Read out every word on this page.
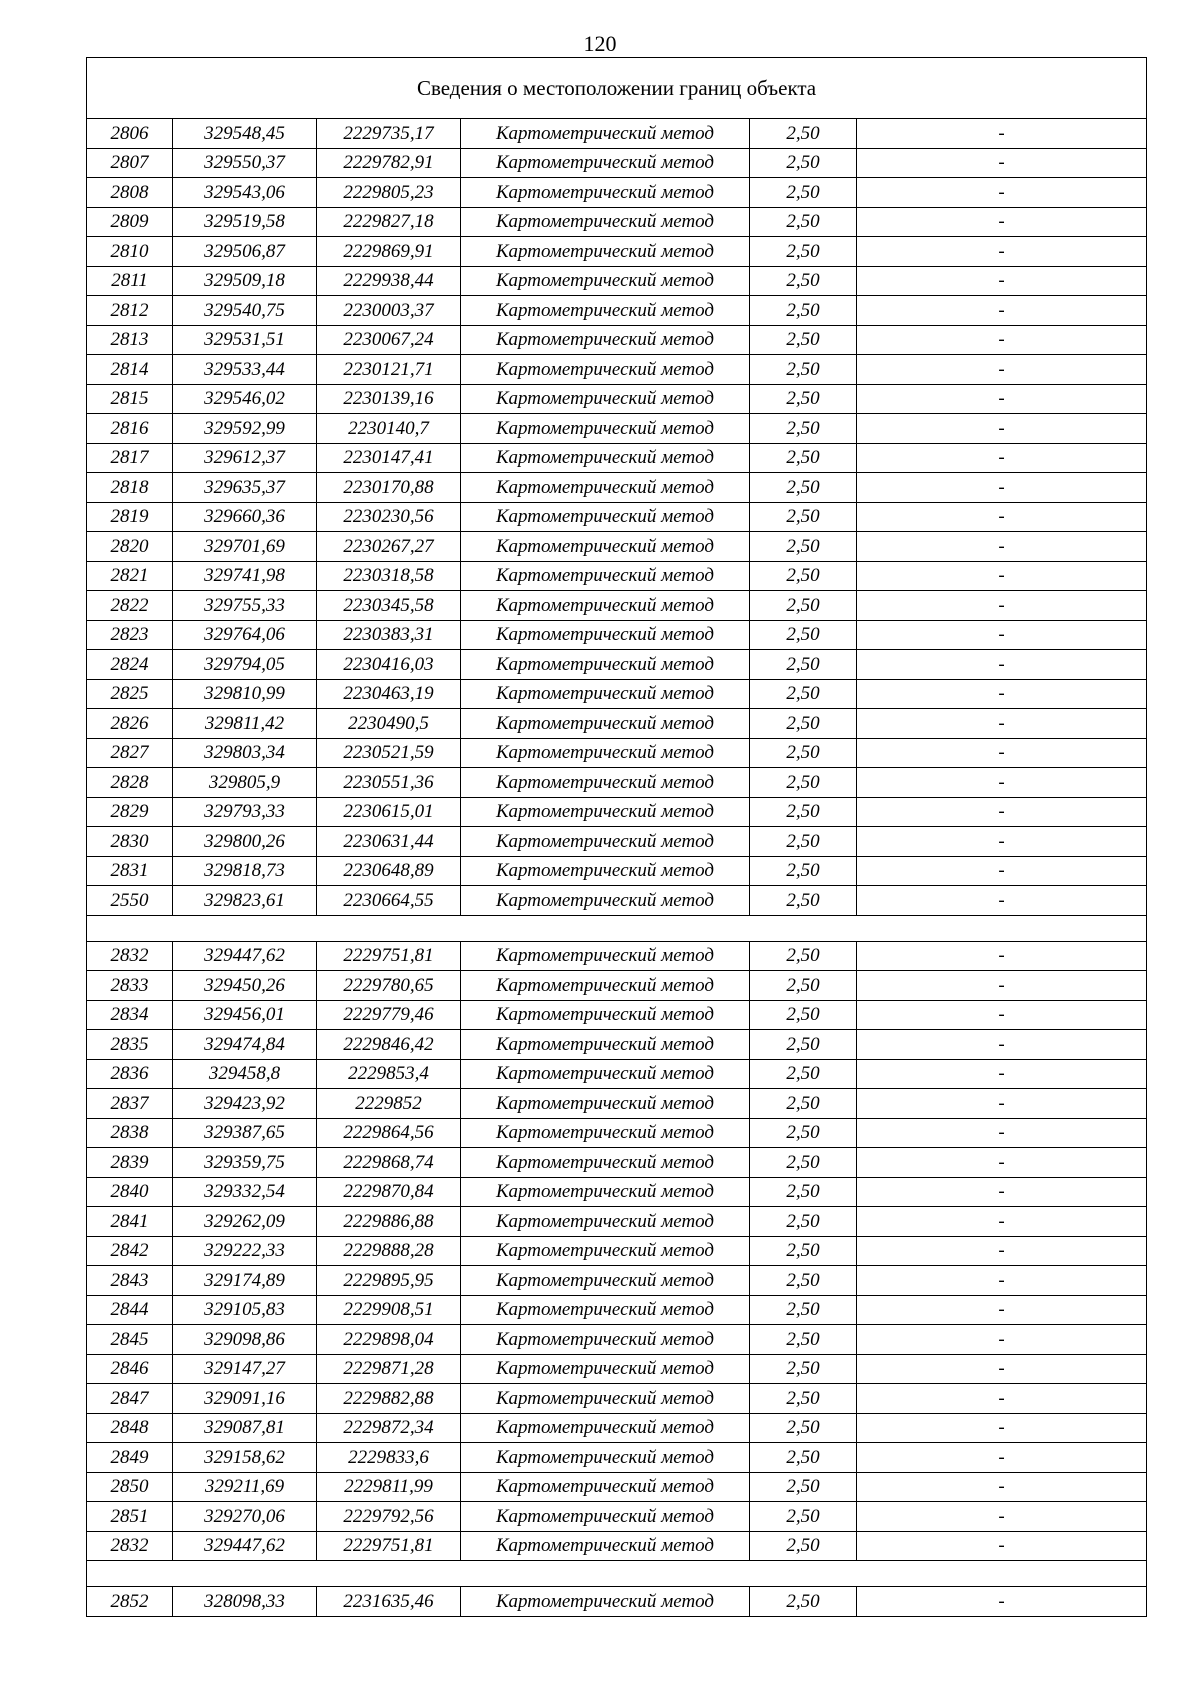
120
Сведения о местоположении границ объекта					
2806	329548,45	2229735,17	Картометрический метод	2,50	-
2807	329550,37	2229782,91	Картометрический метод	2,50	-
2808	329543,06	2229805,23	Картометрический метод	2,50	-
2809	329519,58	2229827,18	Картометрический метод	2,50	-
2810	329506,87	2229869,91	Картометрический метод	2,50	-
2811	329509,18	2229938,44	Картометрический метод	2,50	-
2812	329540,75	2230003,37	Картометрический метод	2,50	-
2813	329531,51	2230067,24	Картометрический метод	2,50	-
2814	329533,44	2230121,71	Картометрический метод	2,50	-
2815	329546,02	2230139,16	Картометрический метод	2,50	-
2816	329592,99	2230140,7	Картометрический метод	2,50	-
2817	329612,37	2230147,41	Картометрический метод	2,50	-
2818	329635,37	2230170,88	Картометрический метод	2,50	-
2819	329660,36	2230230,56	Картометрический метод	2,50	-
2820	329701,69	2230267,27	Картометрический метод	2,50	-
2821	329741,98	2230318,58	Картометрический метод	2,50	-
2822	329755,33	2230345,58	Картометрический метод	2,50	-
2823	329764,06	2230383,31	Картометрический метод	2,50	-
2824	329794,05	2230416,03	Картометрический метод	2,50	-
2825	329810,99	2230463,19	Картометрический метод	2,50	-
2826	329811,42	2230490,5	Картометрический метод	2,50	-
2827	329803,34	2230521,59	Картометрический метод	2,50	-
2828	329805,9	2230551,36	Картометрический метод	2,50	-
2829	329793,33	2230615,01	Картометрический метод	2,50	-
2830	329800,26	2230631,44	Картометрический метод	2,50	-
2831	329818,73	2230648,89	Картометрический метод	2,50	-
2550	329823,61	2230664,55	Картометрический метод	2,50	-

2832	329447,62	2229751,81	Картометрический метод	2,50	-
2833	329450,26	2229780,65	Картометрический метод	2,50	-
2834	329456,01	2229779,46	Картометрический метод	2,50	-
2835	329474,84	2229846,42	Картометрический метод	2,50	-
2836	329458,8	2229853,4	Картометрический метод	2,50	-
2837	329423,92	2229852	Картометрический метод	2,50	-
2838	329387,65	2229864,56	Картометрический метод	2,50	-
2839	329359,75	2229868,74	Картометрический метод	2,50	-
2840	329332,54	2229870,84	Картометрический метод	2,50	-
2841	329262,09	2229886,88	Картометрический метод	2,50	-
2842	329222,33	2229888,28	Картометрический метод	2,50	-
2843	329174,89	2229895,95	Картометрический метод	2,50	-
2844	329105,83	2229908,51	Картометрический метод	2,50	-
2845	329098,86	2229898,04	Картометрический метод	2,50	-
2846	329147,27	2229871,28	Картометрический метод	2,50	-
2847	329091,16	2229882,88	Картометрический метод	2,50	-
2848	329087,81	2229872,34	Картометрический метод	2,50	-
2849	329158,62	2229833,6	Картометрический метод	2,50	-
2850	329211,69	2229811,99	Картометрический метод	2,50	-
2851	329270,06	2229792,56	Картометрический метод	2,50	-
2832	329447,62	2229751,81	Картометрический метод	2,50	-

2852	328098,33	2231635,46	Картометрический метод	2,50	-
